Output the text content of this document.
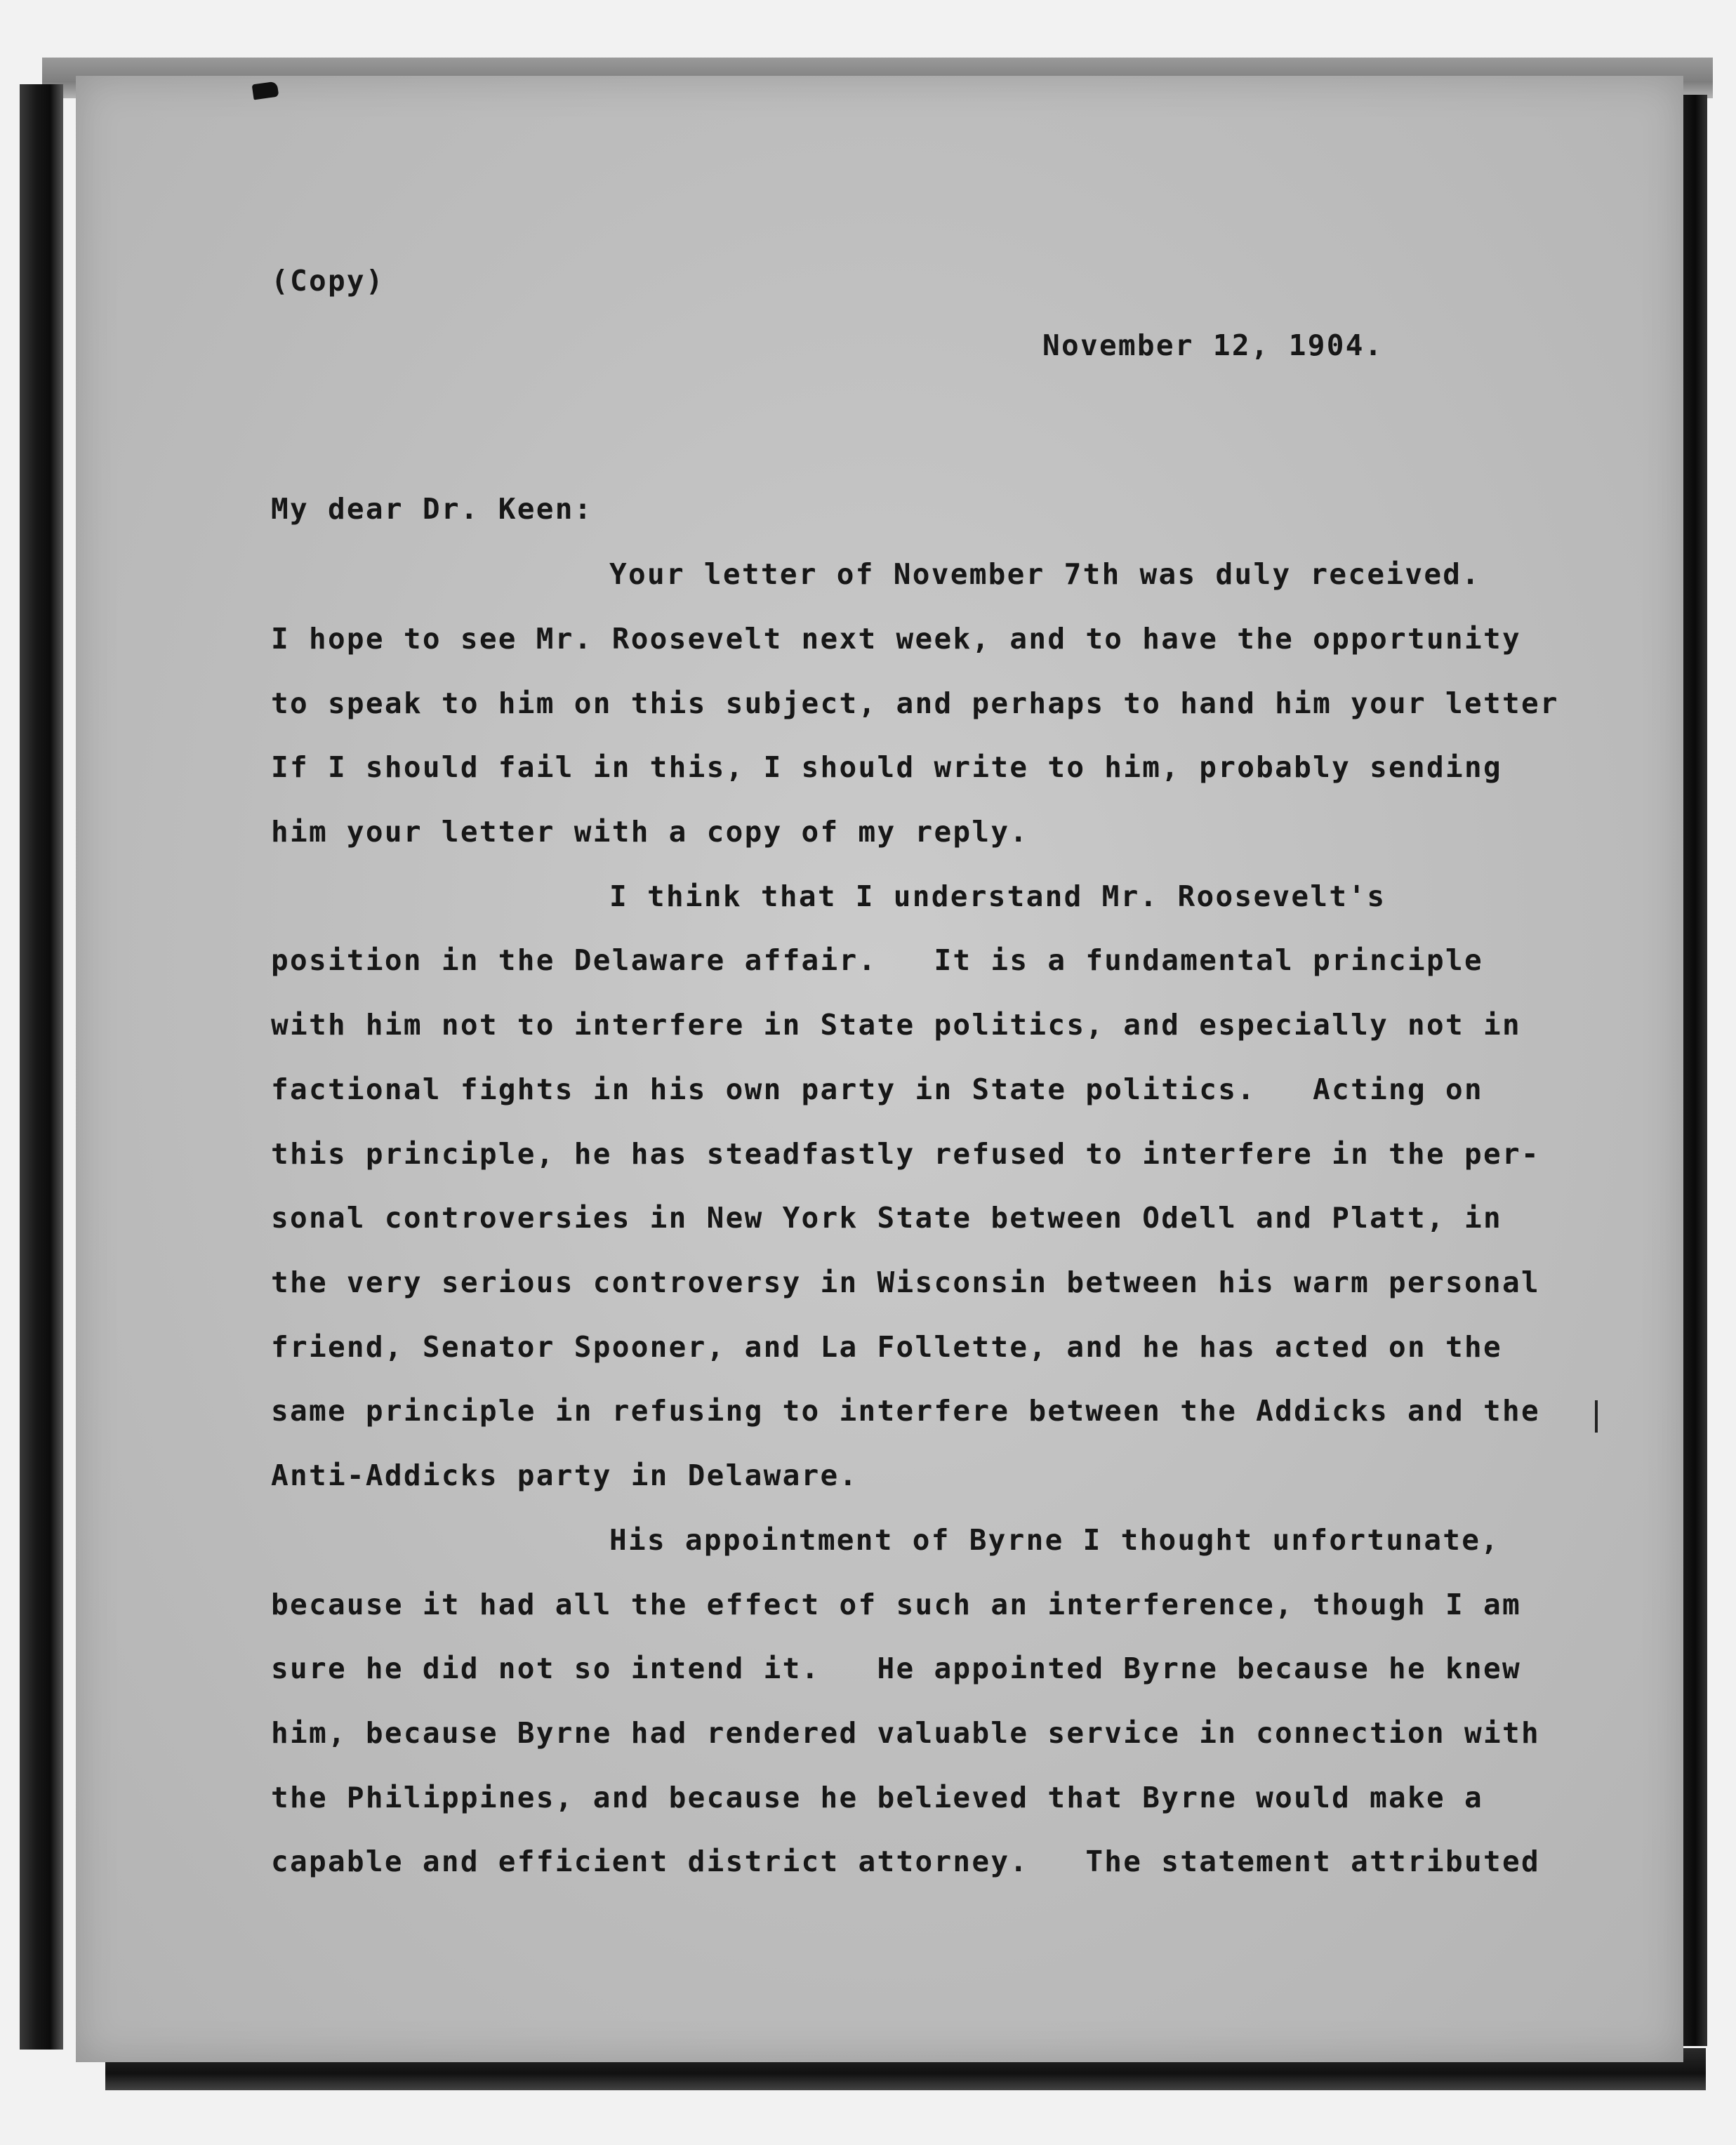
(Copy)
November 12, 1904.
My dear Dr. Keen:
Your letter of November 7th was duly received.
I hope to see Mr. Roosevelt next week, and to have the opportunity
to speak to him on this subject, and perhaps to hand him your letter
If I should fail in this, I should write to him, probably sending
him your letter with a copy of my reply.
I think that I understand Mr. Roosevelt's
position in the Delaware affair.   It is a fundamental principle
with him not to interfere in State politics, and especially not in
factional fights in his own party in State politics.   Acting on
this principle, he has steadfastly refused to interfere in the per-
sonal controversies in New York State between Odell and Platt, in
the very serious controversy in Wisconsin between his warm personal
friend, Senator Spooner, and La Follette, and he has acted on the
same principle in refusing to interfere between the Addicks and the
Anti-Addicks party in Delaware.
His appointment of Byrne I thought unfortunate,
because it had all the effect of such an interference, though I am
sure he did not so intend it.   He appointed Byrne because he knew
him, because Byrne had rendered valuable service in connection with
the Philippines, and because he believed that Byrne would make a
capable and efficient district attorney.   The statement attributed
